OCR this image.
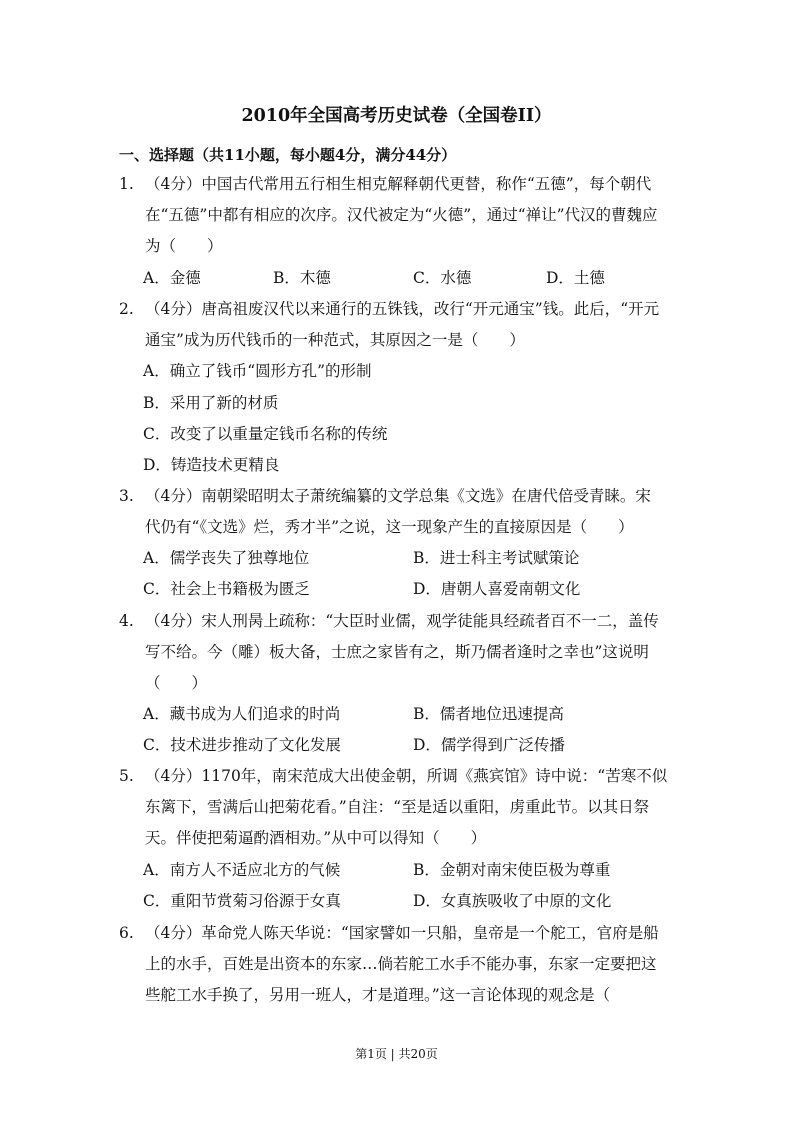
2010年全国高考历史试卷（全国卷II）
一、选择题（共11小题，每小题4分，满分44分）
1. （4分）中国古代常用五行相生相克解释朝代更替，称作“五德”，每个朝代
在“五德”中都有相应的次序。汉代被定为“火德”，通过“禅让”代汉的曹魏应
为（　　）
A．金德	B．木德	C．水德	D．土德
2. （4分）唐高祖废汉代以来通行的五铢钱，改行“开元通宝”钱。此后，“开元
通宝”成为历代钱币的一种范式，其原因之一是（　　）
A．确立了钱币“圆形方孔”的形制
B．采用了新的材质
C．改变了以重量定钱币名称的传统
D．铸造技术更精良
3. （4分）南朝梁昭明太子萧统编纂的文学总集《文选》在唐代倍受青睐。宋
代仍有“《文选》烂，秀才半”之说，这一现象产生的直接原因是（　　）
A．儒学丧失了独尊地位	B．进士科主考试赋策论
C．社会上书籍极为匮乏	D．唐朝人喜爱南朝文化
4. （4分）宋人刑昺上疏称：“大臣时业儒，观学徒能具经疏者百不一二，盖传
写不给。今（雕）板大备，士庶之家皆有之，斯乃儒者逢时之幸也”这说明
（　　）
A．藏书成为人们追求的时尚	B．儒者地位迅速提高
C．技术进步推动了文化发展	D．儒学得到广泛传播
5. （4分）1170年，南宋范成大出使金朝，所调《燕宾馆》诗中说：“苦寒不似
东篱下，雪满后山把菊花看。”自注：“至是适以重阳，虏重此节。以其日祭
天。伴使把菊逼酌酒相劝。”从中可以得知（　　）
A．南方人不适应北方的气候	B．金朝对南宋使臣极为尊重
C．重阳节赏菊习俗源于女真	D．女真族吸收了中原的文化
6. （4分）革命党人陈天华说：“国家譬如一只船，皇帝是一个舵工，官府是船
上的水手，百姓是出资本的东家…倘若舵工水手不能办事，东家一定要把这
些舵工水手换了，另用一班人，才是道理。”这一言论体现的观念是（
第1页 | 共20页
